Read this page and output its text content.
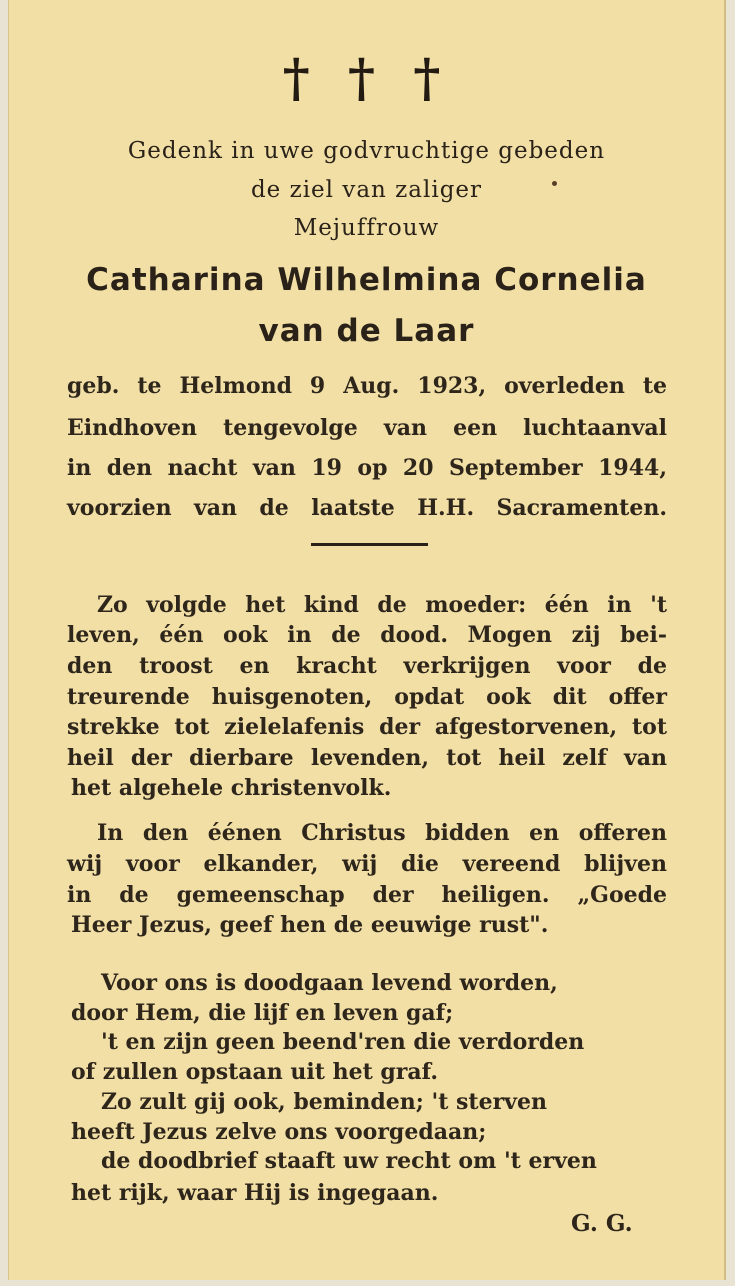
† † †
Gedenk in uwe godvruchtige gebeden
de ziel van zaliger
Mejuffrouw
Catharina Wilhelmina Cornelia
van de Laar
geb. te Helmond 9 Aug. 1923, overleden te
Eindhoven tengevolge van een luchtaanval
in den nacht van 19 op 20 September 1944,
voorzien van de laatste H.H. Sacramenten.
Zo volgde het kind de moeder: één in 't
leven, één ook in de dood. Mogen zij bei-
den troost en kracht verkrijgen voor de
treurende huisgenoten, opdat ook dit offer
strekke tot zielelafenis der afgestorvenen, tot
heil der dierbare levenden, tot heil zelf van
het algehele christenvolk.
In den éénen Christus bidden en offeren
wij voor elkander, wij die vereend blijven
in de gemeenschap der heiligen. „Goede
Heer Jezus, geef hen de eeuwige rust".
Voor ons is doodgaan levend worden,
door Hem, die lijf en leven gaf;
't en zijn geen beend'ren die verdorden
of zullen opstaan uit het graf.
Zo zult gij ook, beminden; 't sterven
heeft Jezus zelve ons voorgedaan;
de doodbrief staaft uw recht om 't erven
het rijk, waar Hij is ingegaan.
G. G.
